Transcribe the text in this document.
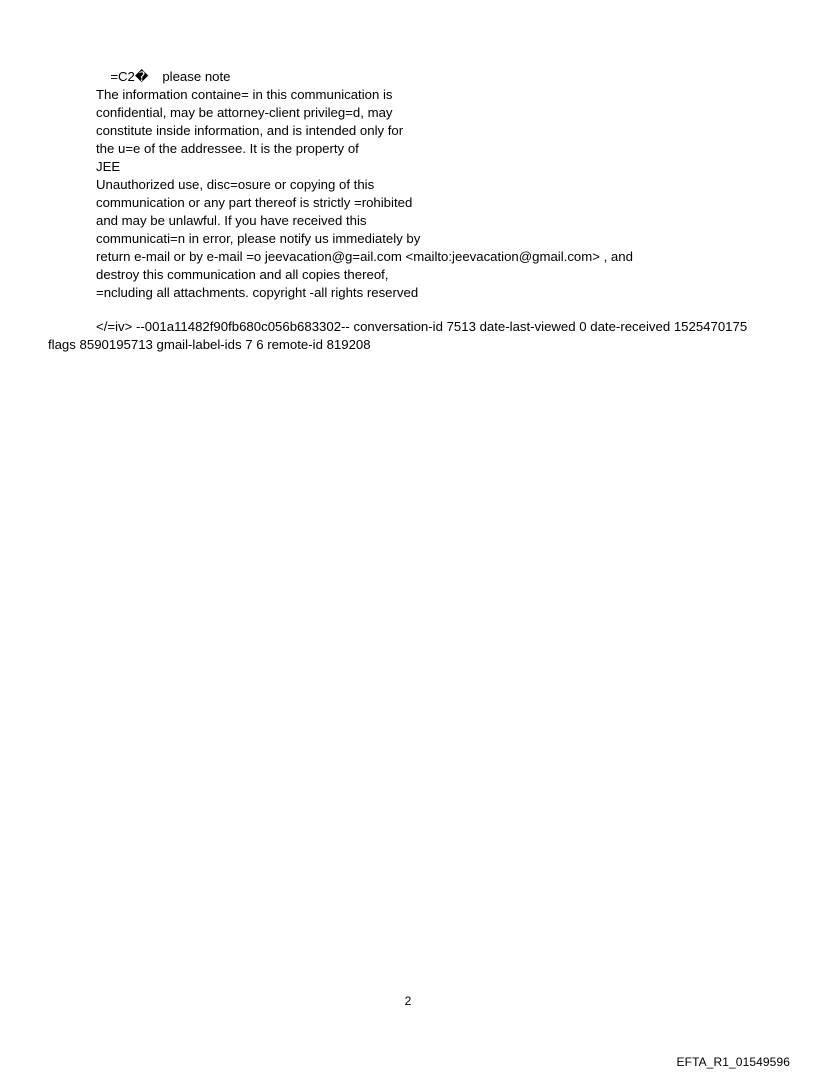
=C2� please note

The information containe= in this communication is
confidential, may be attorney-client privileg=d, may
constitute inside information, and is intended only for
the u=e of the addressee. It is the property of
JEE
Unauthorized use, disc=osure or copying of this
communication or any part thereof is strictly =rohibited
and may be unlawful. If you have received this
communicati=n in error, please notify us immediately by
return e-mail or by e-mail =o jeevacation@g=ail.com <mailto:jeevacation@gmail.com> , and
destroy this communication and all copies thereof,
=ncluding all attachments. copyright -all rights reserved
</=iv> --001a11482f90fb680c056b683302-- conversation-id 7513 date-last-viewed 0 date-received 1525470175
flags 8590195713 gmail-label-ids 7 6 remote-id 819208
2
EFTA_R1_01549596
